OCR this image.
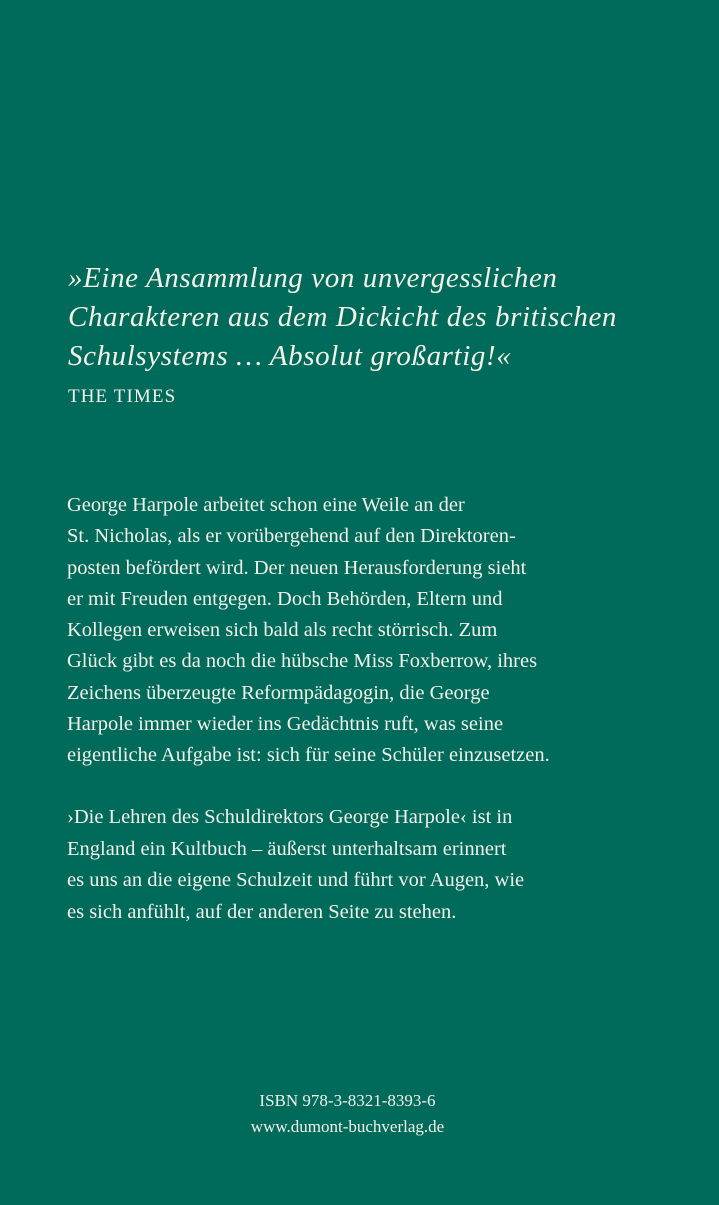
»Eine Ansammlung von unvergesslichen
Charakteren aus dem Dickicht des britischen
Schulsystems … Absolut großartig!«
THE TIMES
George Harpole arbeitet schon eine Weile an der
St. Nicholas, als er vorübergehend auf den Direktoren-
posten befördert wird. Der neuen Herausforderung sieht
er mit Freuden entgegen. Doch Behörden, Eltern und
Kollegen erweisen sich bald als recht störrisch. Zum
Glück gibt es da noch die hübsche Miss Foxberrow, ihres
Zeichens überzeugte Reformpädagogin, die George
Harpole immer wieder ins Gedächtnis ruft, was seine
eigentliche Aufgabe ist: sich für seine Schüler einzusetzen.
›Die Lehren des Schuldirektors George Harpole‹ ist in
England ein Kultbuch – äußerst unterhaltsam erinnert
es uns an die eigene Schulzeit und führt vor Augen, wie
es sich anfühlt, auf der anderen Seite zu stehen.
ISBN 978-3-8321-8393-6
www.dumont-buchverlag.de
